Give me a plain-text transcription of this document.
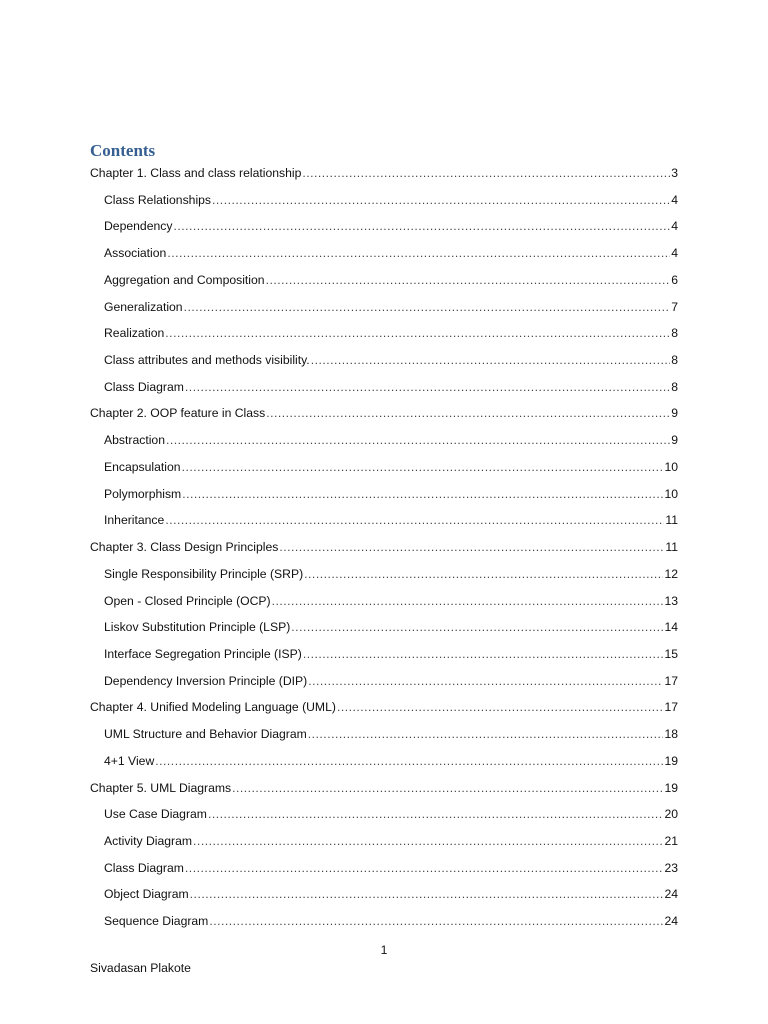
Contents
Chapter 1. Class and class relationship .....	3
Class Relationships .....	4
Dependency .....	4
Association .....	4
Aggregation and Composition .....	6
Generalization .....	7
Realization .....	8
Class attributes and methods visibility. .....	8
Class Diagram .....	8
Chapter 2. OOP feature in Class .....	9
Abstraction .....	9
Encapsulation .....	10
Polymorphism .....	10
Inheritance .....	11
Chapter 3. Class Design Principles .....	11
Single Responsibility Principle (SRP) .....	12
Open - Closed Principle (OCP) .....	13
Liskov Substitution Principle (LSP) .....	14
Interface Segregation Principle (ISP) .....	15
Dependency Inversion Principle (DIP) .....	17
Chapter 4. Unified Modeling Language (UML) .....	17
UML Structure and Behavior Diagram .....	18
4+1 View .....	19
Chapter 5. UML Diagrams .....	19
Use Case Diagram .....	20
Activity Diagram .....	21
Class Diagram .....	23
Object Diagram .....	24
Sequence Diagram .....	24
1
Sivadasan Plakote
